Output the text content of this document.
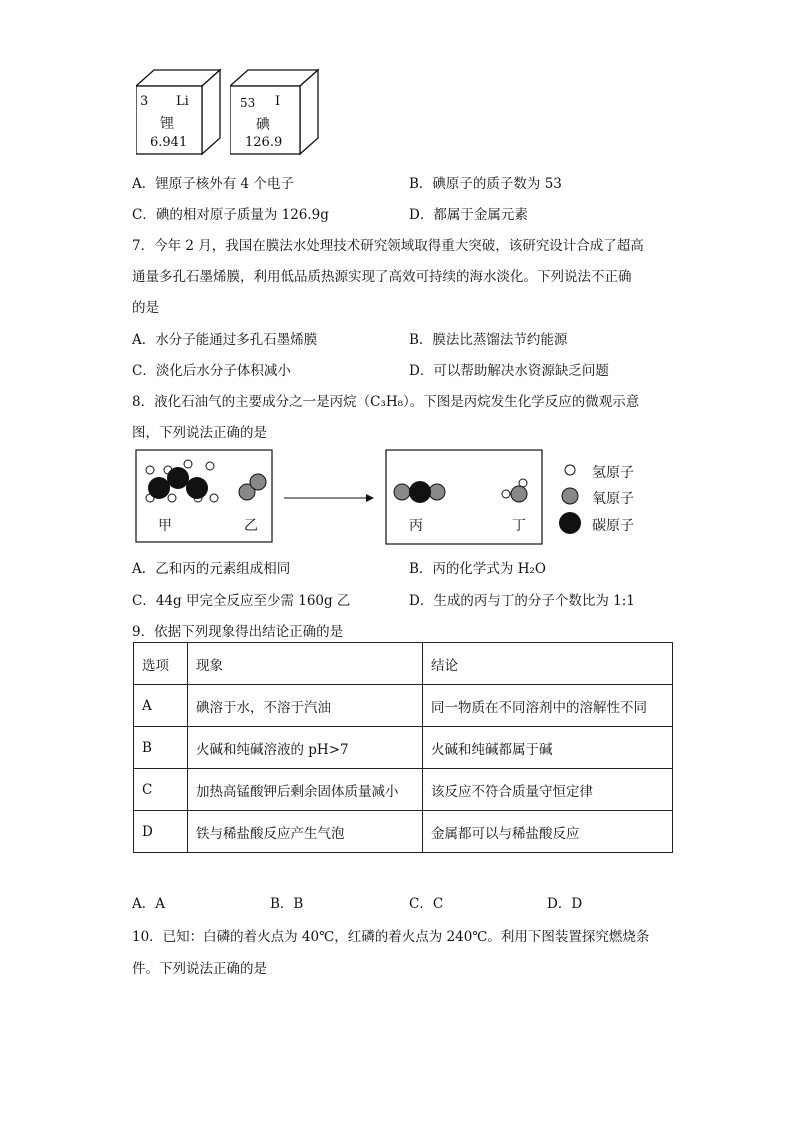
3 Li
锂
6.941
53 I
碘
126.9
A．锂原子核外有 4 个电子	B．碘原子的质子数为 53
C．碘的相对原子质量为 126.9g	D．都属于金属元素
7．今年 2 月，我国在膜法水处理技术研究领域取得重大突破，该研究设计合成了超高
通量多孔石墨烯膜，利用低品质热源实现了高效可持续的海水淡化。下列说法不正确
的是
A．水分子能通过多孔石墨烯膜	B．膜法比蒸馏法节约能源
C．淡化后水分子体积减小	D．可以帮助解决水资源缺乏问题
8．液化石油气的主要成分之一是丙烷（C₃H₈）。下图是丙烷发生化学反应的微观示意
图，下列说法正确的是
甲	乙	丙	丁
氢原子
氧原子
碳原子
A．乙和丙的元素组成相同	B．丙的化学式为 H₂O
C．44g 甲完全反应至少需 160g 乙	D．生成的丙与丁的分子个数比为 1:1
9．依据下列现象得出结论正确的是
选项	现象	结论
A	碘溶于水，不溶于汽油	同一物质在不同溶剂中的溶解性不同
B	火碱和纯碱溶液的 pH>7	火碱和纯碱都属于碱
C	加热高锰酸钾后剩余固体质量减小	该反应不符合质量守恒定律
D	铁与稀盐酸反应产生气泡	金属都可以与稀盐酸反应
A．A	B．B	C．C	D．D
10．已知：白磷的着火点为 40℃，红磷的着火点为 240℃。利用下图装置探究燃烧条
件。下列说法正确的是
